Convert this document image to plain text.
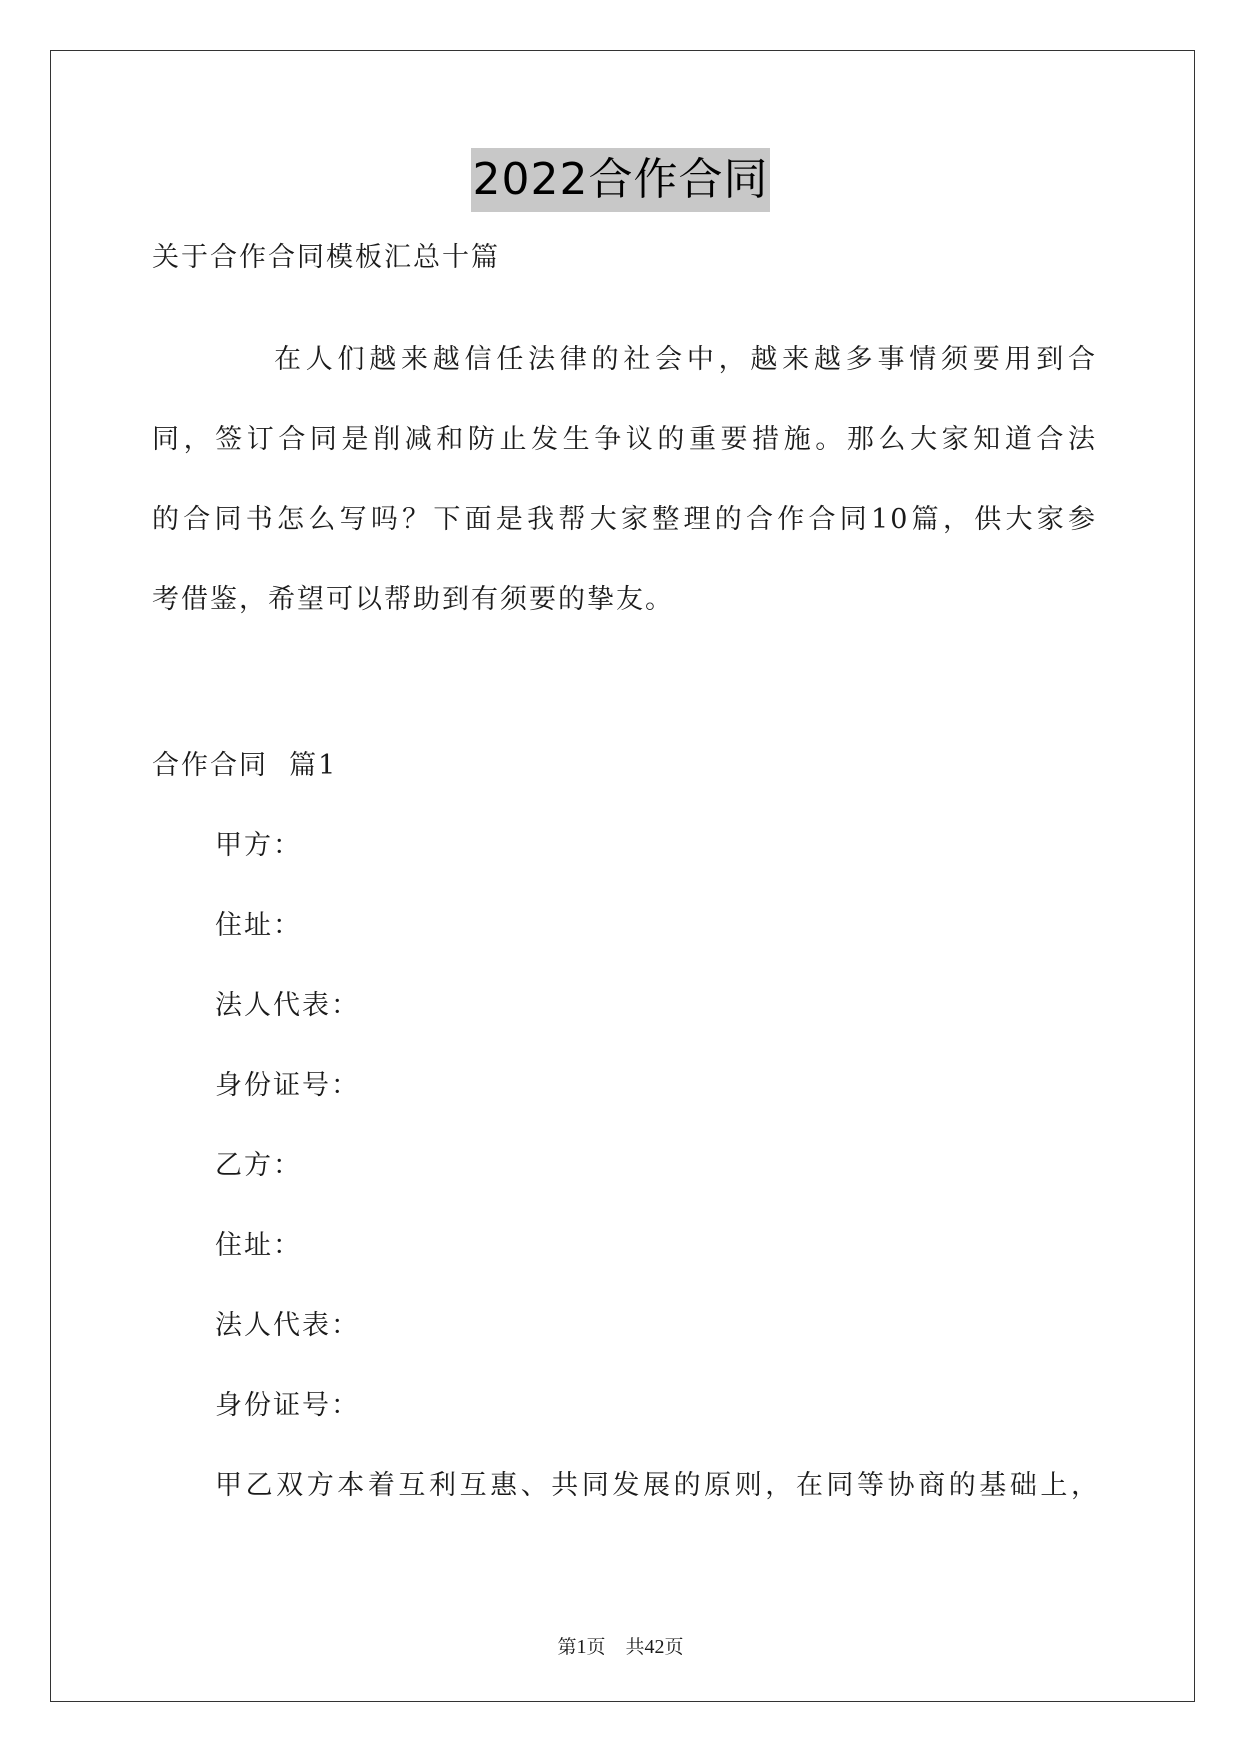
2022合作合同
关于合作合同模板汇总十篇
在人们越来越信任法律的社会中，越来越多事情须要用到合
同，签订合同是削减和防止发生争议的重要措施。那么大家知道合法
的合同书怎么写吗？下面是我帮大家整理的合作合同10篇，供大家参
考借鉴，希望可以帮助到有须要的挚友。
合作合同  篇1
甲方：
住址：
法人代表：
身份证号：
乙方：
住址：
法人代表：
身份证号：
甲乙双方本着互利互惠、共同发展的原则，在同等协商的基础上，
第1页 共42页
